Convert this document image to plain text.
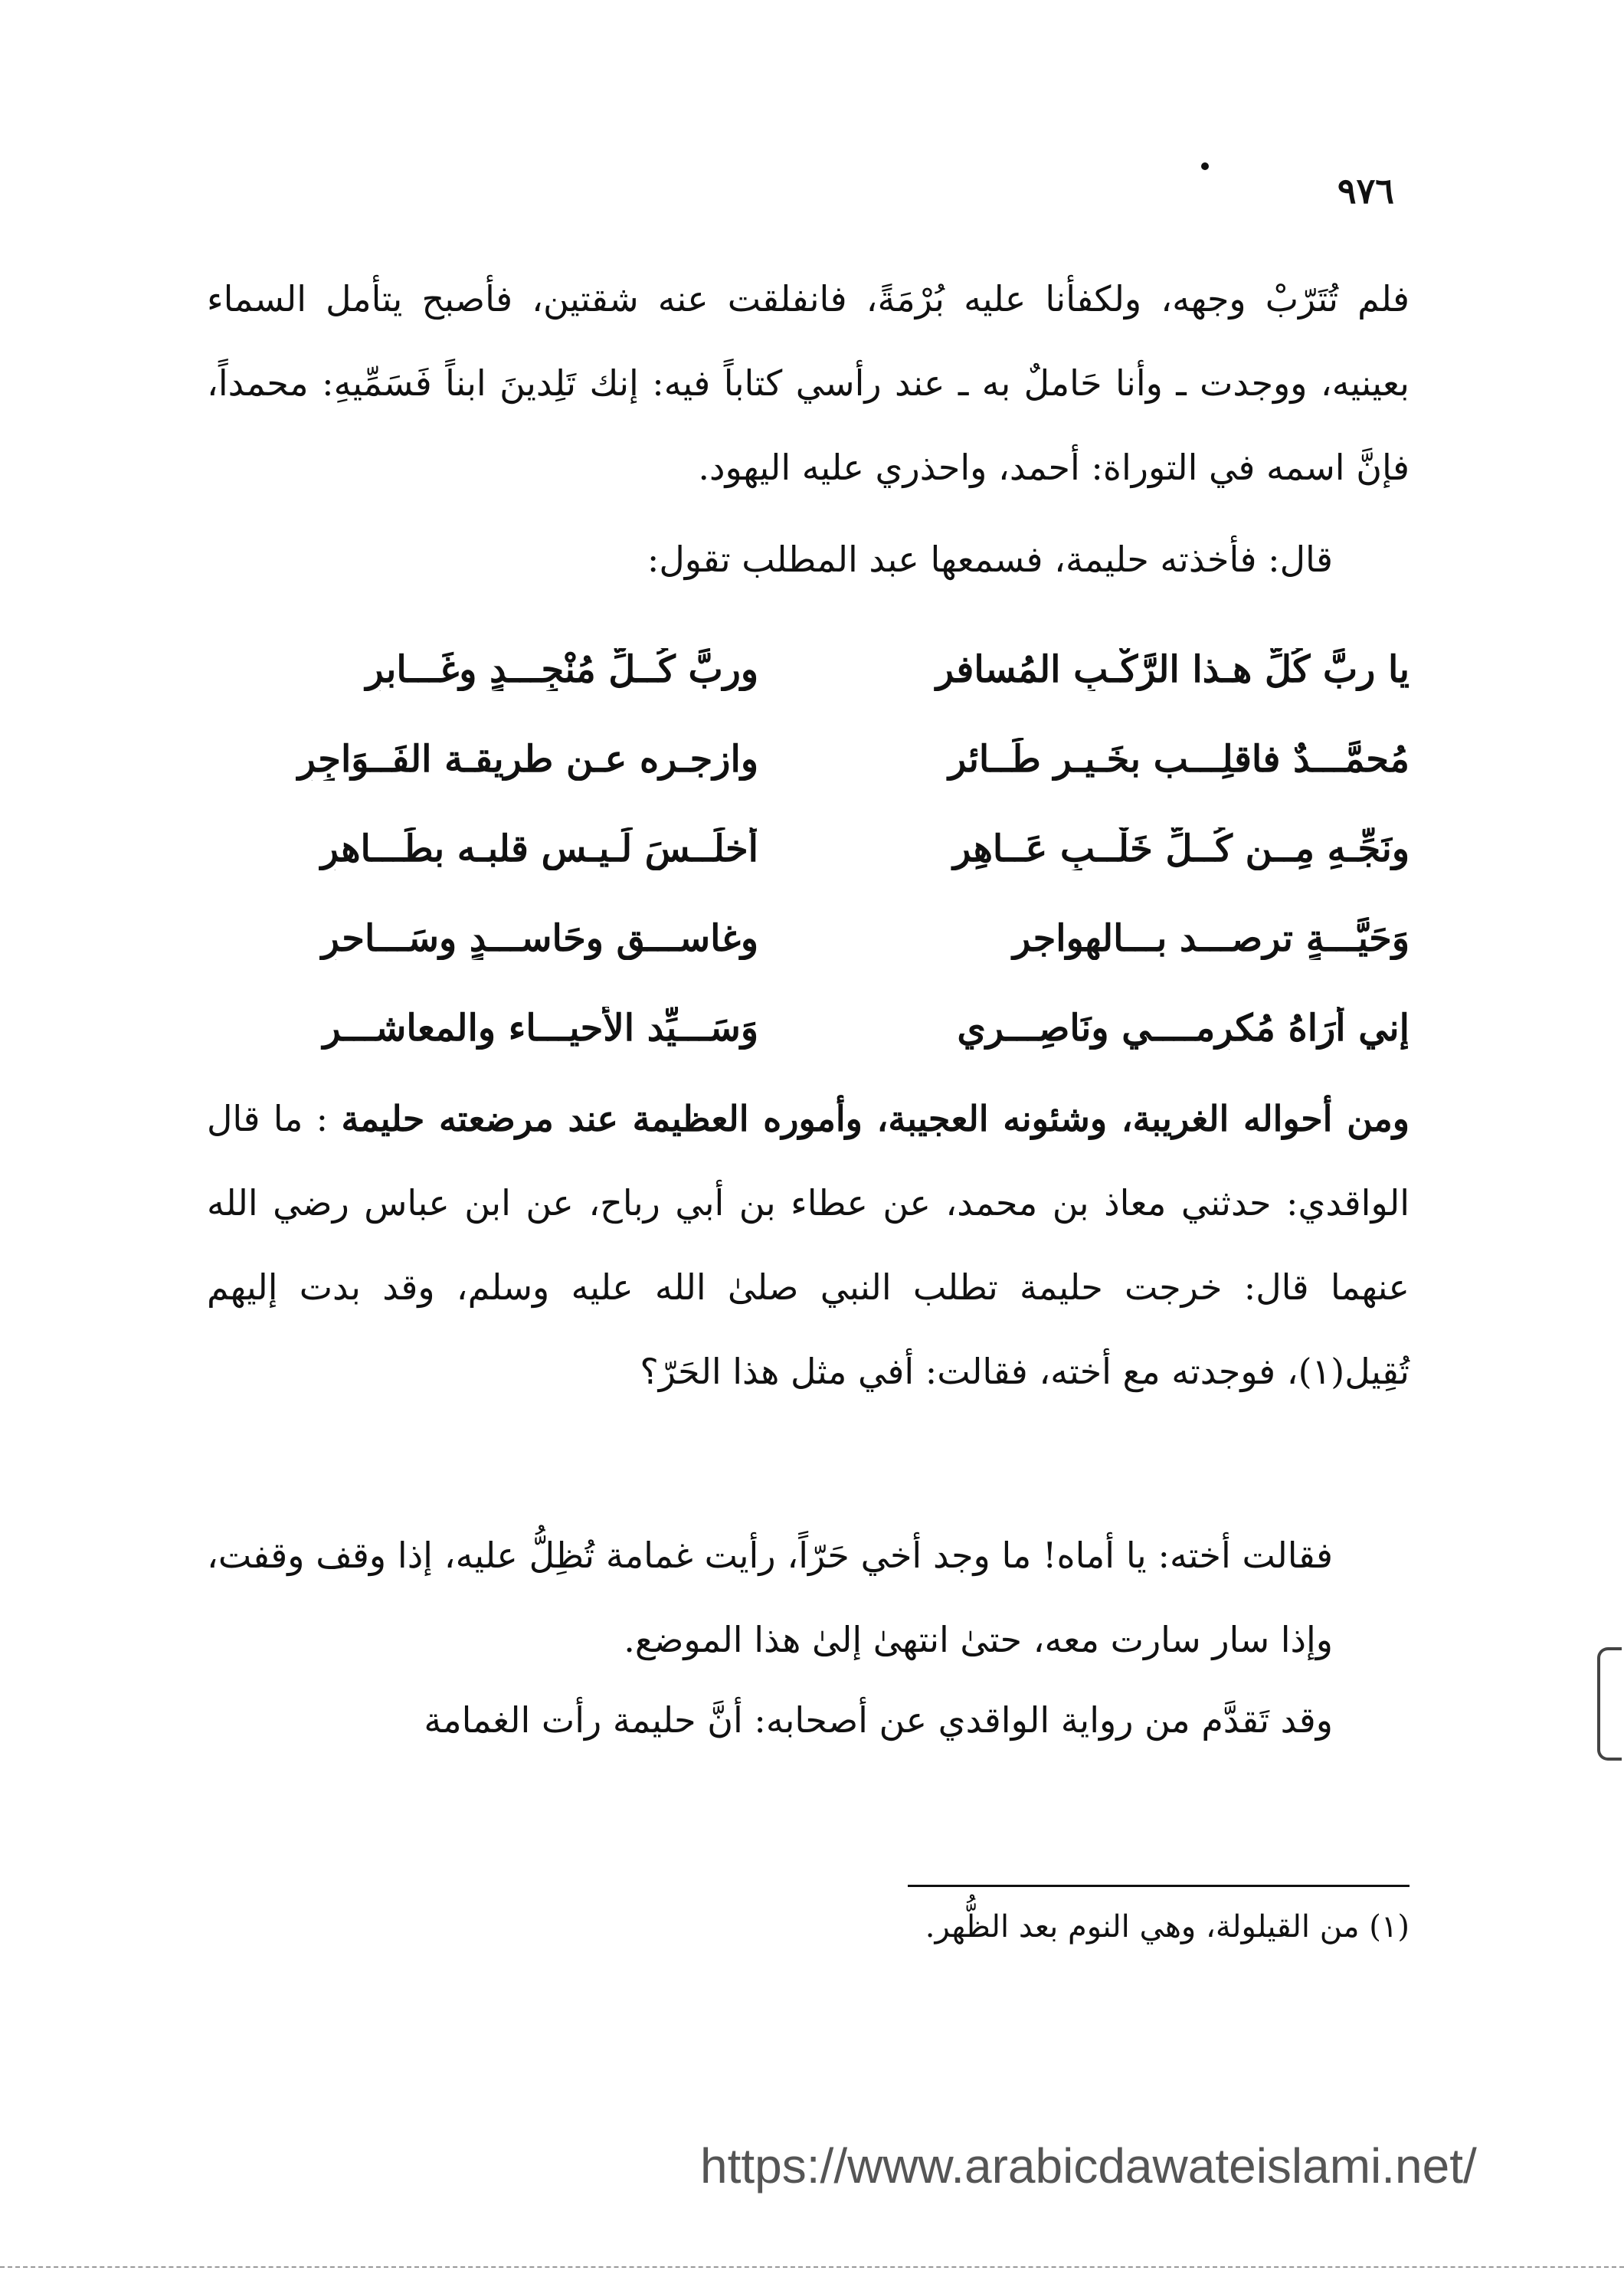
٩٧٦
فلم تُتَرّبْ وجهه، ولكفأنا عليه بُرْمَةً، فانفلقت عنه شقتين، فأصبح يتأمل السماء بعينيه، ووجدت ـ وأنا حَاملٌ به ـ عند رأسي كتاباً فيه: إنك تَلِدينَ ابناً فَسَمِّيهِ: محمداً، فإنَّ اسمه في التوراة: أحمد، واحذري عليه اليهود.
قال: فأخذته حليمة، فسمعها عبد المطلب تقول:
يا ربَّ كُلِّ هـذا الرَّكْـبِ المُسافر
وربَّ كُــلِّ مُنْجِـــدٍ وغَـــابرِ
مُحمَّـــدٌ فاقلِـــب بخَـيـر طَــائر
وازجـره عـن طريقـة الفَــوَاجِرِ
ونَجِّـهِ مِــن كُــلِّ خَلْــبٍ عَــاهِر
أَخلَــسَ لَـيـس قلبـه بطَـــاهرِ
وَحَيَّـــةٍ ترصـــد بـــالهواجر
وغاســـقٍ وحَاســـدٍ وسَـــاحرِ
إني أُرَاهُ مُكرِمــــي ونَاصِـــري
وَسَـــيِّد الأحيـــاء والمعاشـــر
ومن أحواله الغريبة، وشئونه العجيبة، وأموره العظيمة عند مرضعته حليمة : ما قال الواقدي: حدثني معاذ بن محمد، عن عطاء بن أبي رباح، عن ابن عباس رضي الله عنهما قال: خرجت حليمة تطلب النبي صلىٰ الله عليه وسلم، وقد بدت إليهم تُقِيل(١)، فوجدته مع أخته، فقالت: أفي مثل هذا الحَرّ؟
فقالت أخته: يا أماه! ما وجد أخي حَرّاً، رأيت غمامة تُظِلُّ عليه، إذا وقف وقفت، وإذا سار سارت معه، حتىٰ انتهىٰ إلىٰ هذا الموضع.
وقد تَقدَّم من رواية الواقدي عن أصحابه: أنَّ حليمة رأت الغمامة
(١) من القيلولة، وهي النوم بعد الظُّهر.
https://www.arabicdawateislami.net/
